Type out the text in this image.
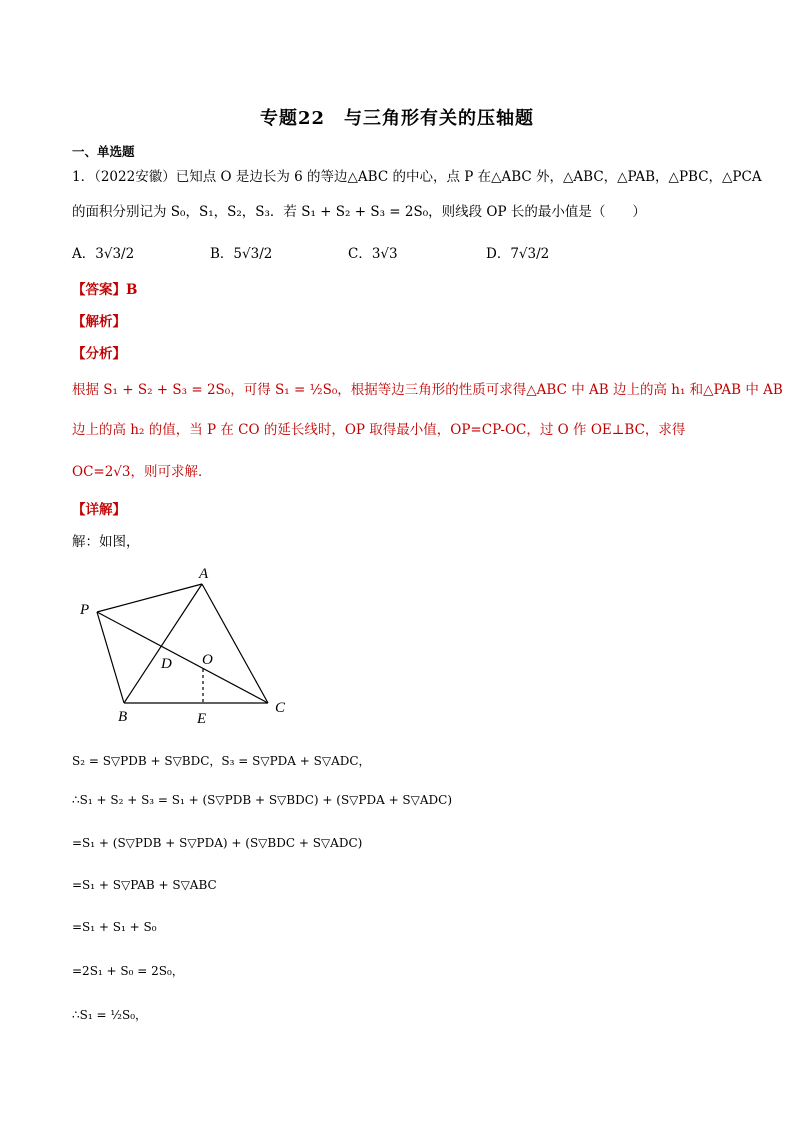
专题22　与三角形有关的压轴题
一、单选题
1．（2022安徽）已知点 O 是边长为 6 的等边△ABC 的中心，点 P 在△ABC 外，△ABC，△PAB，△PBC，△PCA
的面积分别记为 S₀，S₁，S₂，S₃．若 S₁ + S₂ + S₃ = 2S₀，则线段 OP 长的最小值是（　　）
A．3√3/2	B．5√3/2	C．3√3	D．7√3/2
【答案】B
【解析】
【分析】
根据 S₁ + S₂ + S₃ = 2S₀，可得 S₁ = ½S₀，根据等边三角形的性质可求得△ABC 中 AB 边上的高 h₁ 和△PAB 中 AB
边上的高 h₂ 的值，当 P 在 CO 的延长线时，OP 取得最小值，OP=CP-OC，过 O 作 OE⊥BC，求得
OC=2√3，则可求解．
【详解】
解：如图，
A
P
D O
B	E
C
S₂ = S▽PDB + S▽BDC，S₃ = S▽PDA + S▽ADC，
∴S₁ + S₂ + S₃ = S₁ + (S▽PDB + S▽BDC) + (S▽PDA + S▽ADC)
=S₁ + (S▽PDB + S▽PDA) + (S▽BDC + S▽ADC)
=S₁ + S▽PAB + S▽ABC
=S₁ + S₁ + S₀
=2S₁ + S₀ = 2S₀，
∴S₁ = ½S₀，
